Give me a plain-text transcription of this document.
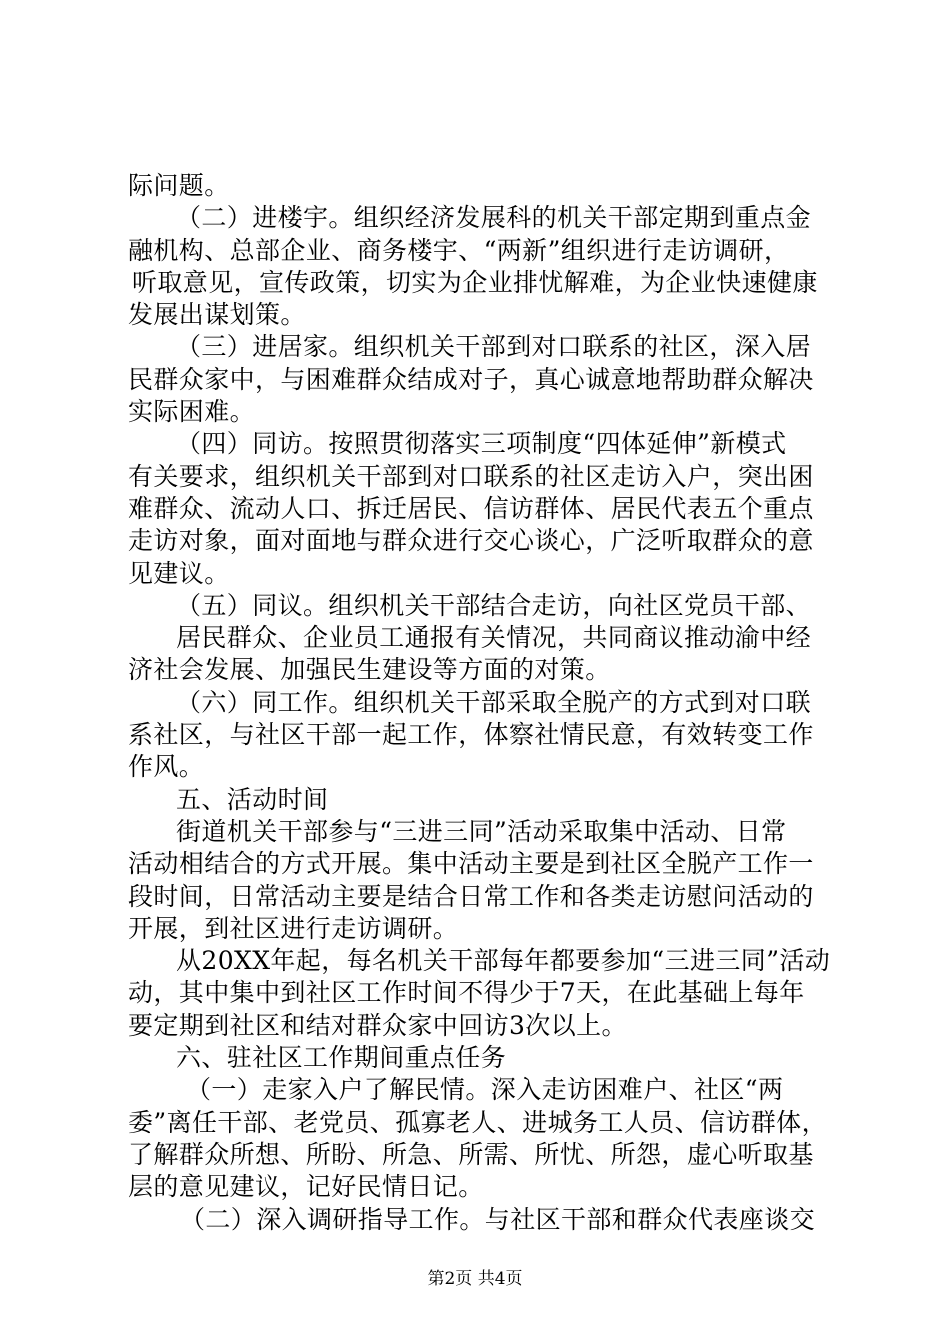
际问题。
（二）进楼宇。组织经济发展科的机关干部定期到重点金
融机构、总部企业、商务楼宇、“两新”组织进行走访调研，
听取意见，宣传政策，切实为企业排忧解难，为企业快速健康
发展出谋划策。
（三）进居家。组织机关干部到对口联系的社区，深入居
民群众家中，与困难群众结成对子，真心诚意地帮助群众解决
实际困难。
（四）同访。按照贯彻落实三项制度“四体延伸”新模式
有关要求，组织机关干部到对口联系的社区走访入户，突出困
难群众、流动人口、拆迁居民、信访群体、居民代表五个重点
走访对象，面对面地与群众进行交心谈心，广泛听取群众的意
见建议。
（五）同议。组织机关干部结合走访，向社区党员干部、
居民群众、企业员工通报有关情况，共同商议推动渝中经
济社会发展、加强民生建设等方面的对策。
（六）同工作。组织机关干部采取全脱产的方式到对口联
系社区，与社区干部一起工作，体察社情民意，有效转变工作
作风。
五、活动时间
街道机关干部参与“三进三同”活动采取集中活动、日常
活动相结合的方式开展。集中活动主要是到社区全脱产工作一
段时间，日常活动主要是结合日常工作和各类走访慰问活动的
开展，到社区进行走访调研。
从20XX年起，每名机关干部每年都要参加“三进三同”活动
动，其中集中到社区工作时间不得少于7天，在此基础上每年
要定期到社区和结对群众家中回访3次以上。
六、驻社区工作期间重点任务
（一）走家入户了解民情。深入走访困难户、社区“两
委”离任干部、老党员、孤寡老人、进城务工人员、信访群体，
了解群众所想、所盼、所急、所需、所忧、所怨，虚心听取基
层的意见建议，记好民情日记。
（二）深入调研指导工作。与社区干部和群众代表座谈交
第2页 共4页
